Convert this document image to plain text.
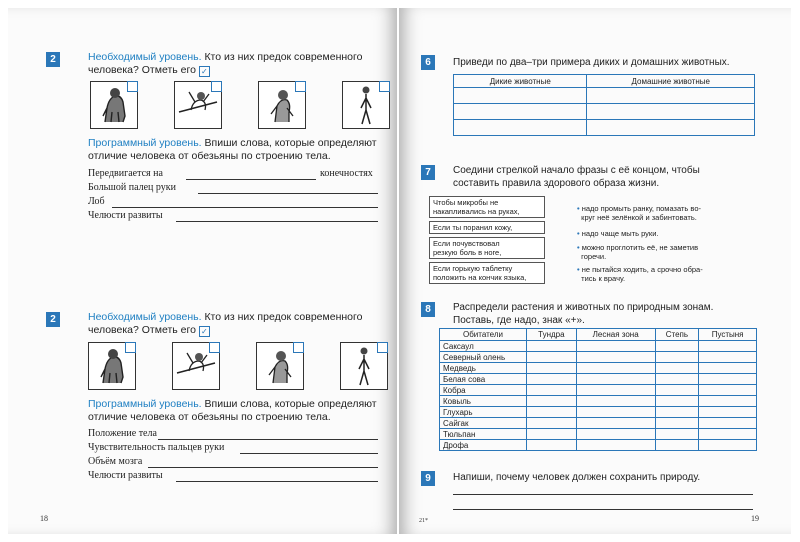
2	Необходимый уровень. Кто из них предок современного
человека? Отметь его ✓
Программный уровень. Впиши слова, которые определяют
отличие человека от обезьяны по строению тела.
Передвигается на	конечностях
Большой палец руки
Лоб
Челюсти развиты
2	Необходимый уровень. Кто из них предок современного
человека? Отметь его ✓
Программный уровень. Впиши слова, которые определяют
отличие человека от обезьяны по строению тела.
Положение тела
Чувствительность пальцев руки
Объём мозга
Челюсти развиты
18
6	Приведи по два–три примера диких и домашних животных.
Дикие животные	Домашние животные

7	Соедини стрелкой начало фразы с её концом, чтобы
составить правила здорового образа жизни.
Чтобы микробы не
накапливались на руках,
Если ты поранил кожу,
Если почувствовал
резкую боль в ноге,
Если горькую таблетку
положить на кончик языка,
• надо промыть ранку, помазать во-
круг неё зелёнкой и забинтовать.
• надо чаще мыть руки.
• можно проглотить её, не заметив
горечи.
• не пытайся ходить, а срочно обра-
тись к врачу.
8	Распредели растения и животных по природным зонам.
Поставь, где надо, знак «+».
Обитатели	Тундра	Лесная зона	Степь	Пустыня
Саксаул				
Северный олень				
Медведь				
Белая сова				
Кобра				
Ковыль				
Глухарь				
Сайгак				
Тюльпан				
Дрофа				
9	Напиши, почему человек должен сохранить природу.
21*	19
